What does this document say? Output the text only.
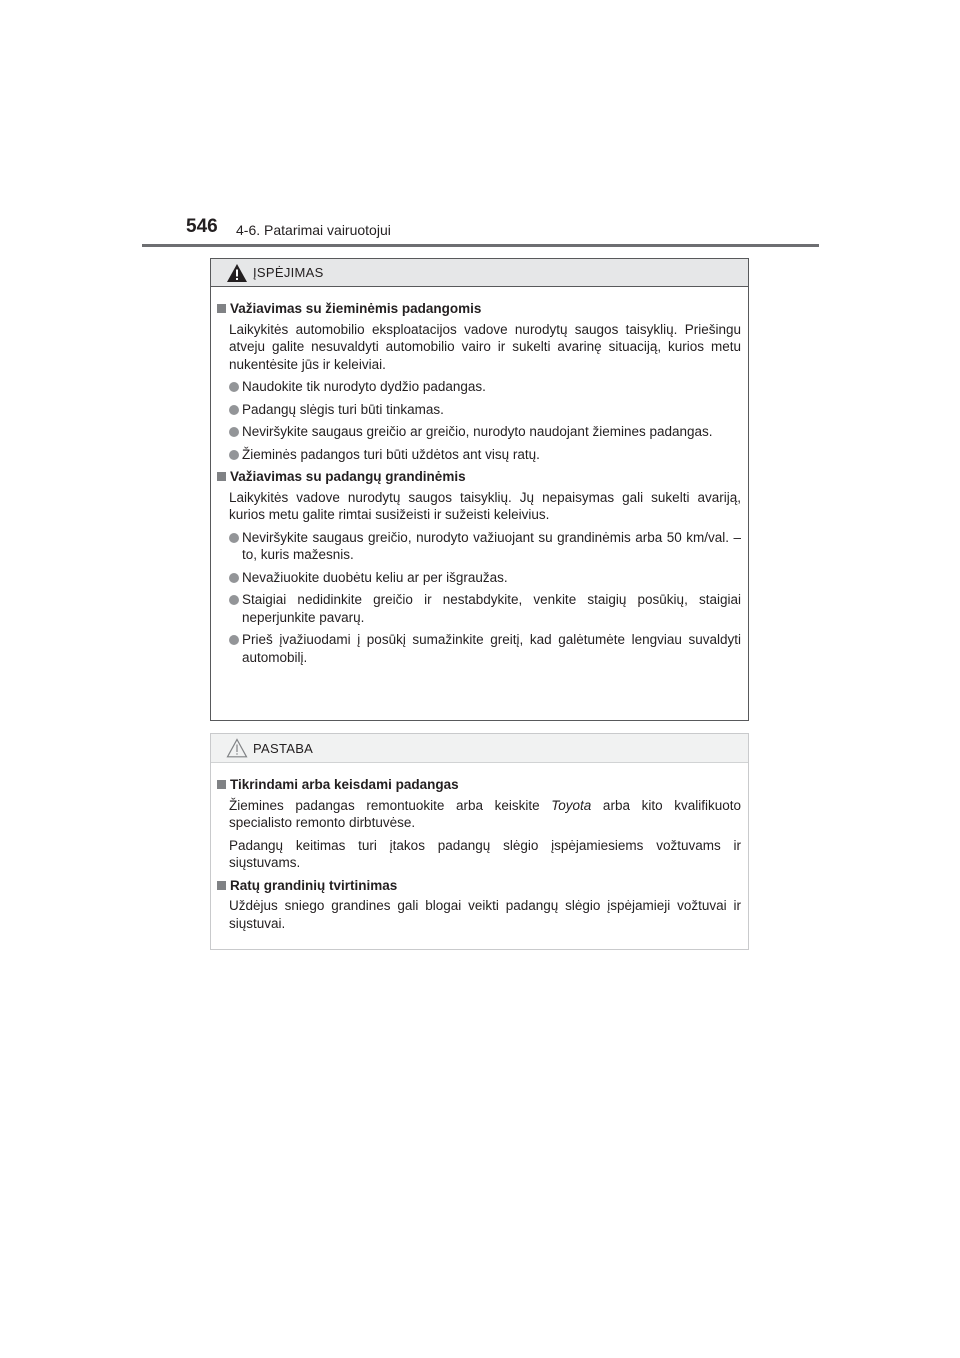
546 4-6. Patarimai vairuotojui
ĮSPĖJIMAS
Važiavimas su žieminėmis padangomis
Laikykitės automobilio eksploatacijos vadove nurodytų saugos taisyklių. Priešingu atveju galite nesuvaldyti automobilio vairo ir sukelti avarinę situaciją, kurios metu nukentėsite jūs ir keleiviai.
Naudokite tik nurodyto dydžio padangas.
Padangų slėgis turi būti tinkamas.
Neviršykite saugaus greičio ar greičio, nurodyto naudojant žiemines padangas.
Žieminės padangos turi būti uždėtos ant visų ratų.
Važiavimas su padangų grandinėmis
Laikykitės vadove nurodytų saugos taisyklių. Jų nepaisymas gali sukelti avariją, kurios metu galite rimtai susižeisti ir sužeisti keleivius.
Neviršykite saugaus greičio, nurodyto važiuojant su grandinėmis arba 50 km/val. – to, kuris mažesnis.
Nevažiuokite duobėtu keliu ar per išgraužas.
Staigiai nedidinkite greičio ir nestabdykite, venkite staigių posūkių, staigiai neperjunkite pavarų.
Prieš įvažiuodami į posūkį sumažinkite greitį, kad galėtumėte lengviau suvaldyti automobilį.
PASTABA
Tikrindami arba keisdami padangas
Žiemines padangas remontuokite arba keiskite Toyota arba kito kvalifikuoto specialisto remonto dirbtuvėse.
Padangų keitimas turi įtakos padangų slėgio įspėjamiesiems vožtuvams ir siųstuvams.
Ratų grandinių tvirtinimas
Uždėjus sniego grandines gali blogai veikti padangų slėgio įspėjamieji vožtuvai ir siųstuvai.
